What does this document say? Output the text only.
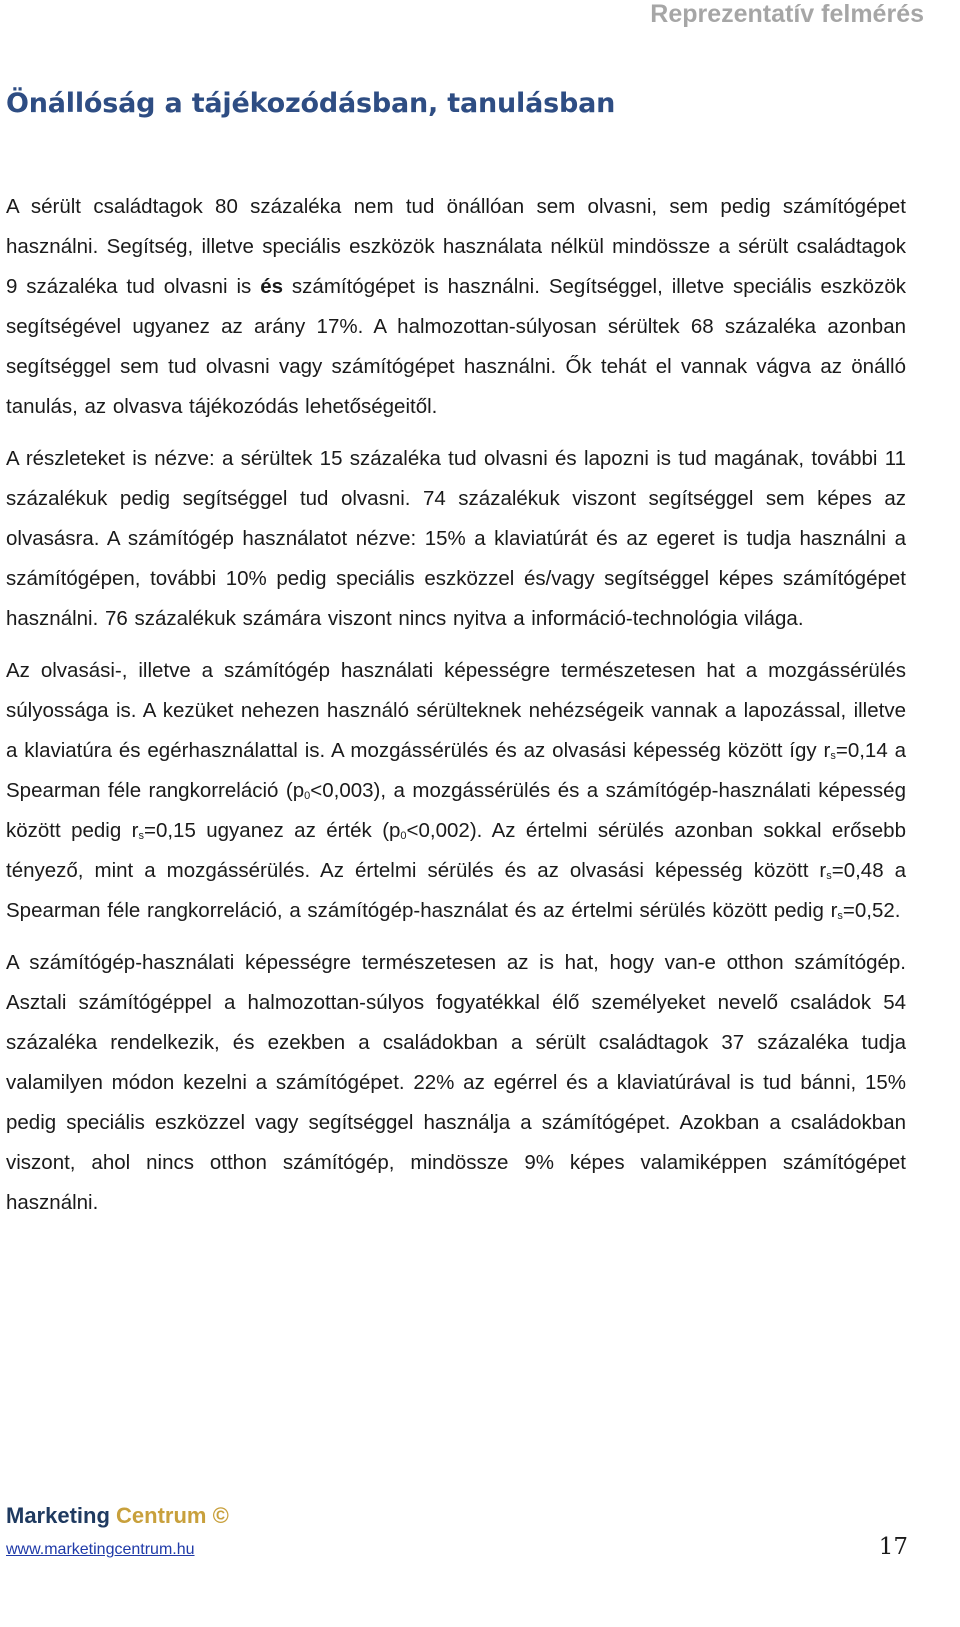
Reprezentatív felmérés
Önállóság a tájékozódásban, tanulásban

A sérült családtagok 80 százaléka nem tud önállóan sem olvasni, sem pedig számítógépet használni. Segítség, illetve speciális eszközök használata nélkül mindössze a sérült családtagok 9 százaléka tud olvasni is és számítógépet is használni. Segítséggel, illetve speciális eszközök segítségével ugyanez az arány 17%. A halmozottan-súlyosan sérültek 68 százaléka azonban segítséggel sem tud olvasni vagy számítógépet használni. Ők tehát el vannak vágva az önálló tanulás, az olvasva tájékozódás lehetőségeitől.

A részleteket is nézve: a sérültek 15 százaléka tud olvasni és lapozni is tud magának, további 11 százalékuk pedig segítséggel tud olvasni. 74 százalékuk viszont segítséggel sem képes az olvasásra. A számítógép használatot nézve: 15% a klaviatúrát és az egeret is tudja használni a számítógépen, további 10% pedig speciális eszközzel és/vagy segítséggel képes számítógépet használni. 76 százalékuk számára viszont nincs nyitva a információ-technológia világa.

Az olvasási-, illetve a számítógép használati képességre természetesen hat a mozgássérülés súlyossága is. A kezüket nehezen használó sérülteknek nehézségeik vannak a lapozással, illetve a klaviatúra és egérhasználattal is. A mozgássérülés és az olvasási képesség között így $r_s=0,14$ a Spearman féle rangkorreláció $(p_0<0,003)$, a mozgássérülés és a számítógép-használati képesség között pedig $r_s=0,15$ ugyanez az érték $(p_0<0,002)$. Az értelmi sérülés azonban sokkal erősebb tényező, mint a mozgássérülés. Az értelmi sérülés és az olvasási képesség között $r_s=0,48$ a Spearman féle rangkorreláció, a számítógép-használat és az értelmi sérülés között pedig $r_s=0,52$.

A számítógép-használati képességre természetesen az is hat, hogy van-e otthon számítógép. Asztali számítógéppel a halmozottan-súlyos fogyatékkal élő személyeket nevelő családok 54 százaléka rendelkezik, és ezekben a családokban a sérült családtagok 37 százaléka tudja valamilyen módon kezelni a számítógépet. 22% az egérrel és a klaviatúrával is tud bánni, 15% pedig speciális eszközzel vagy segítséggel használja a számítógépet. Azokban a családokban viszont, ahol nincs otthon számítógép, mindössze 9% képes valamiképpen számítógépet használni.

Marketing Centrum ©
www.marketingcentrum.hu	17
